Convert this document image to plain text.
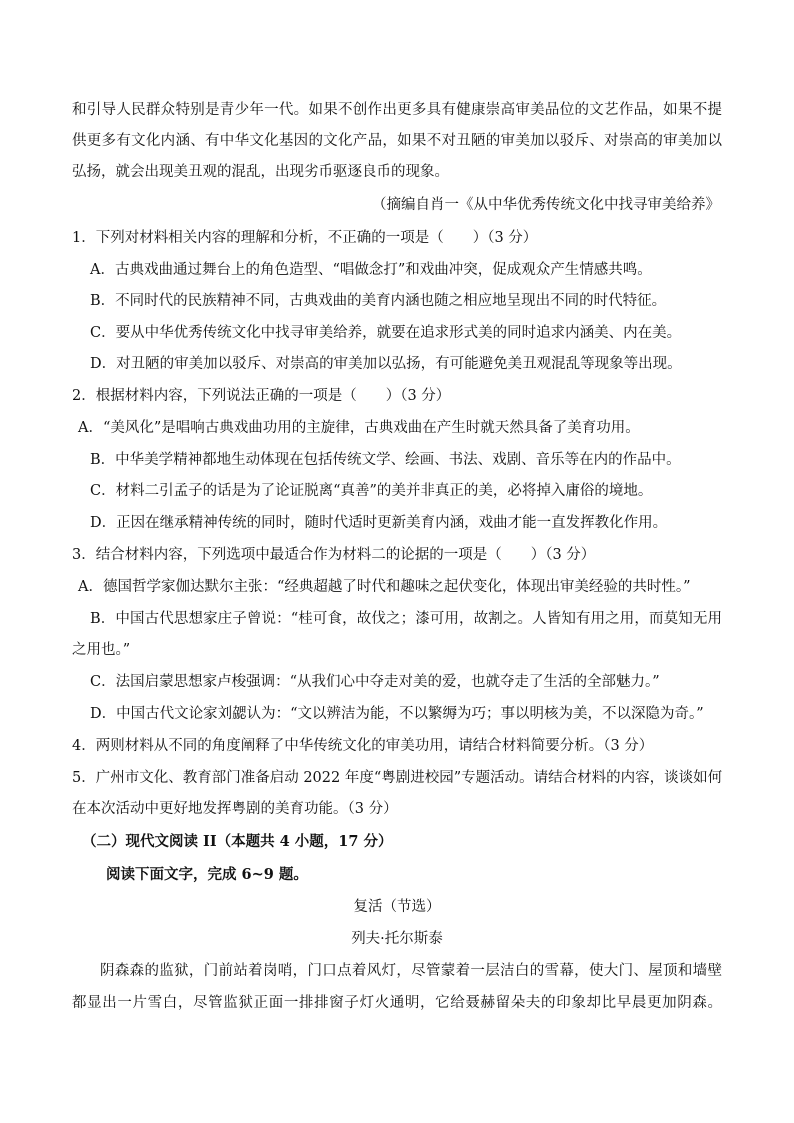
和引导人民群众特别是青少年一代。如果不创作出更多具有健康崇高审美品位的文艺作品，如果不提
供更多有文化内涵、有中华文化基因的文化产品，如果不对丑陋的审美加以驳斥、对崇高的审美加以
弘扬，就会出现美丑观的混乱，出现劣币驱逐良币的现象。
（摘编自肖一《从中华优秀传统文化中找寻审美给养》
1．下列对材料相关内容的理解和分析，不正确的一项是（　　）（3 分）
A．古典戏曲通过舞台上的角色造型、“唱做念打”和戏曲冲突，促成观众产生情感共鸣。
B．不同时代的民族精神不同，古典戏曲的美育内涵也随之相应地呈现出不同的时代特征。
C．要从中华优秀传统文化中找寻审美给养，就要在追求形式美的同时追求内涵美、内在美。
D．对丑陋的审美加以驳斥、对崇高的审美加以弘扬，有可能避免美丑观混乱等现象等出现。
2．根据材料内容，下列说法正确的一项是（　　）（3 分）
A．“美风化”是唱响古典戏曲功用的主旋律，古典戏曲在产生时就天然具备了美育功用。
B．中华美学精神都地生动体现在包括传统文学、绘画、书法、戏剧、音乐等在内的作品中。
C．材料二引孟子的话是为了论证脱离“真善”的美并非真正的美，必将掉入庸俗的境地。
D．正因在继承精神传统的同时，随时代适时更新美育内涵，戏曲才能一直发挥教化作用。
3．结合材料内容，下列选项中最适合作为材料二的论据的一项是（　　）（3 分）
A．德国哲学家伽达默尔主张：“经典超越了时代和趣味之起伏变化，体现出审美经验的共时性。”
B．中国古代思想家庄子曾说：“桂可食，故伐之；漆可用，故割之。人皆知有用之用，而莫知无用
之用也。”
C．法国启蒙思想家卢梭强调：“从我们心中夺走对美的爱，也就夺走了生活的全部魅力。”
D．中国古代文论家刘勰认为：“文以辨洁为能，不以繁缛为巧；事以明核为美，不以深隐为奇。”
4．两则材料从不同的角度阐释了中华传统文化的审美功用，请结合材料简要分析。（3 分）
5．广州市文化、教育部门准备启动 2022 年度“粤剧进校园”专题活动。请结合材料的内容，谈谈如何
在本次活动中更好地发挥粤剧的美育功能。（3 分）
（二）现代文阅读 II（本题共 4 小题，17 分）
阅读下面文字，完成 6~9 题。
复活（节选）
列夫·托尔斯泰
阴森森的监狱，门前站着岗哨，门口点着风灯，尽管蒙着一层洁白的雪幕，使大门、屋顶和墙壁
都显出一片雪白，尽管监狱正面一排排窗子灯火通明，它给聂赫留朵夫的印象却比早晨更加阴森。
